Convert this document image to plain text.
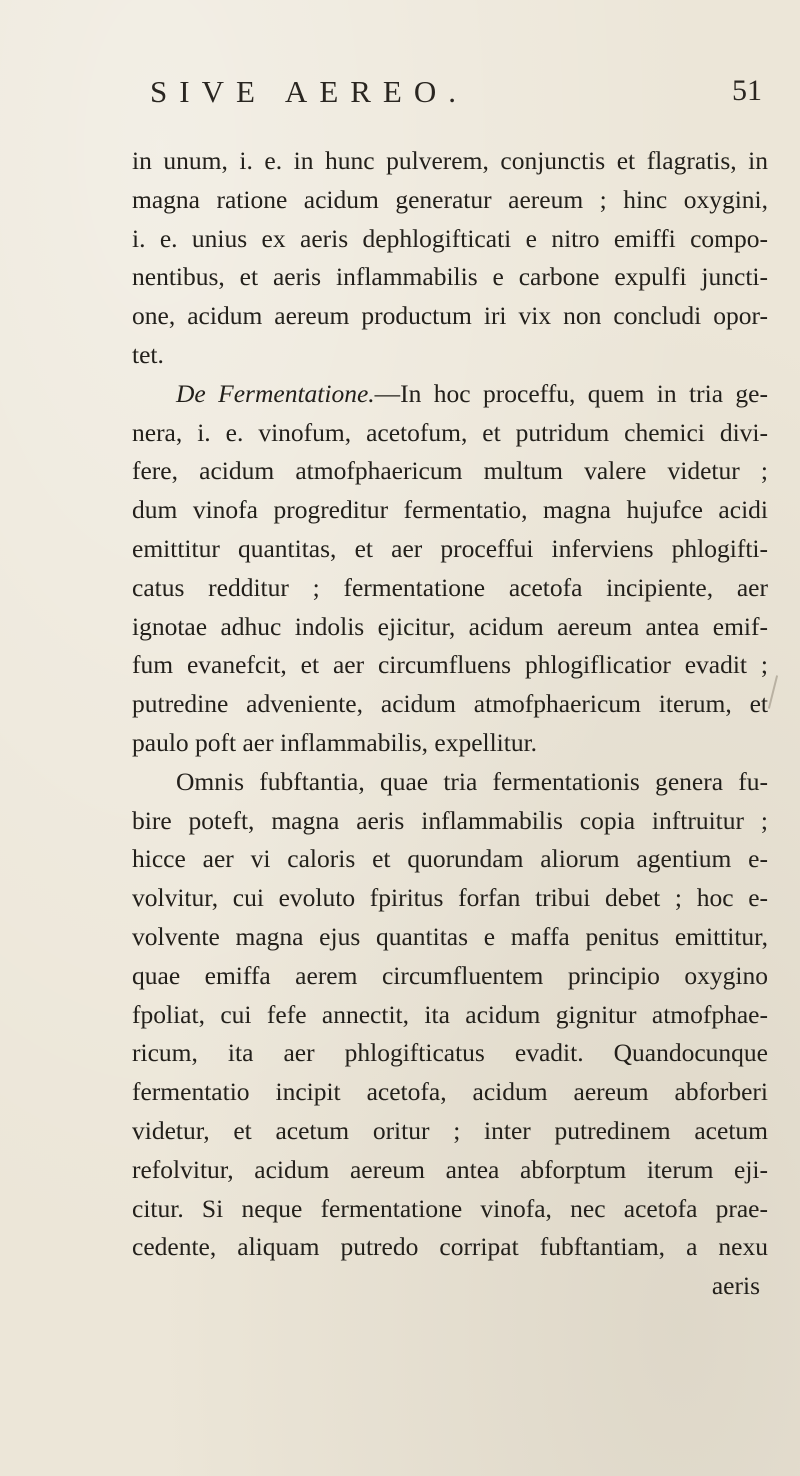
SIVE AEREO.	51
in unum, i. e. in hunc pulverem, conjunctis et flagratis, in
magna ratione acidum generatur aereum ; hinc oxygini,
i. e. unius ex aeris dephlogifticati e nitro emiffi compo-
nentibus, et aeris inflammabilis e carbone expulfi juncti-
one, acidum aereum productum iri vix non concludi opor-
tet.
De Fermentatione.—In hoc proceffu, quem in tria ge-
nera, i. e. vinofum, acetofum, et putridum chemici divi-
fere, acidum atmofphaericum multum valere videtur ;
dum vinofa progreditur fermentatio, magna hujufce acidi
emittitur quantitas, et aer proceffui inferviens phlogifti-
catus redditur ; fermentatione acetofa incipiente, aer
ignotae adhuc indolis ejicitur, acidum aereum antea emif-
fum evanefcit, et aer circumfluens phlogiflicatior evadit ;
putredine adveniente, acidum atmofphaericum iterum, et
paulo poft aer inflammabilis, expellitur.
Omnis fubftantia, quae tria fermentationis genera fu-
bire poteft, magna aeris inflammabilis copia inftruitur ;
hicce aer vi caloris et quorundam aliorum agentium e-
volvitur, cui evoluto fpiritus forfan tribui debet ; hoc e-
volvente magna ejus quantitas e maffa penitus emittitur,
quae emiffa aerem circumfluentem principio oxygino
fpoliat, cui fefe annectit, ita acidum gignitur atmofphae-
ricum, ita aer phlogifticatus evadit. Quandocunque
fermentatio incipit acetofa, acidum aereum abforberi
videtur, et acetum oritur ; inter putredinem acetum
refolvitur, acidum aereum antea abforptum iterum eji-
citur. Si neque fermentatione vinofa, nec acetofa prae-
cedente, aliquam putredo corripat fubftantiam, a nexu
aeris
